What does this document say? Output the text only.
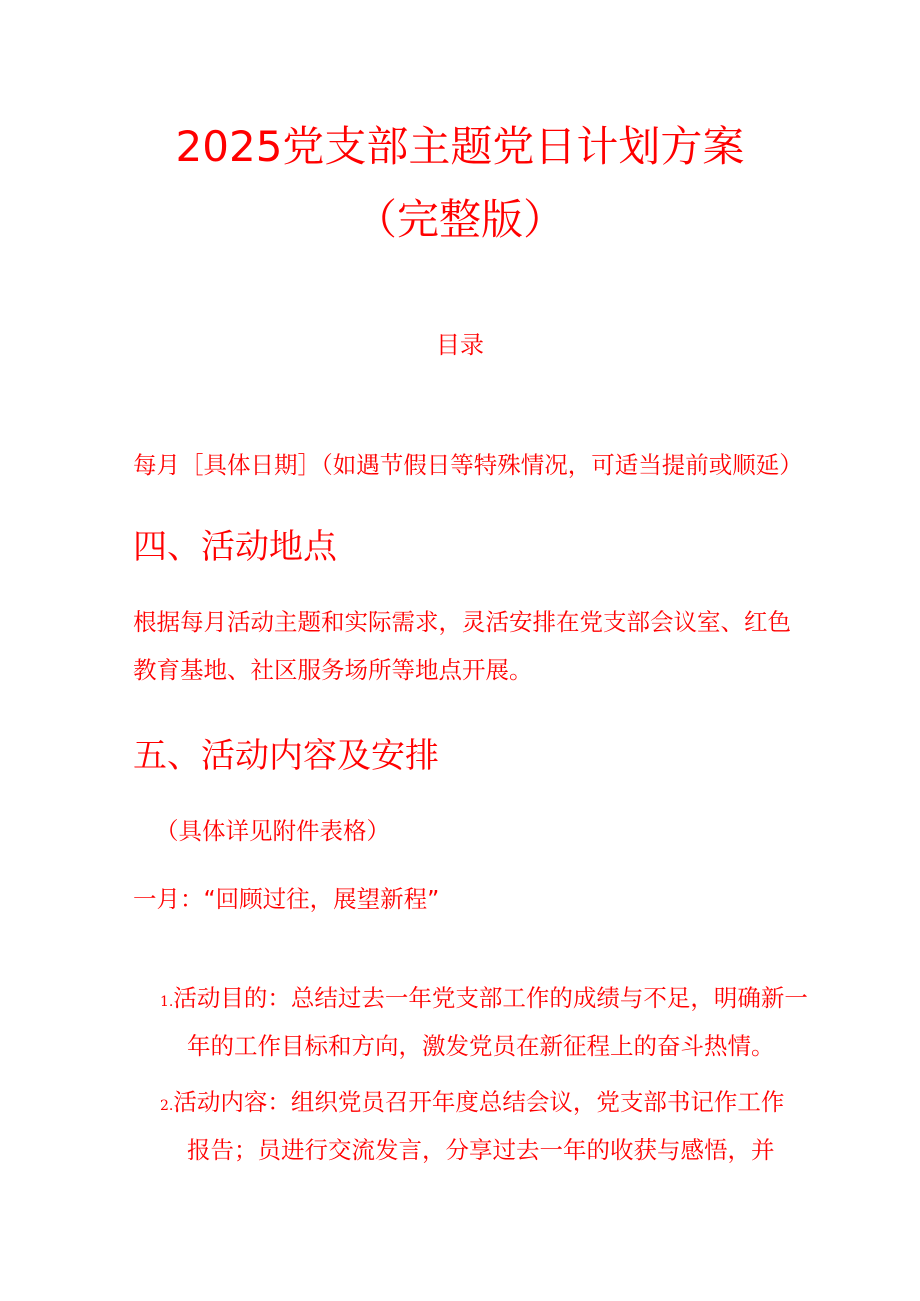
2025党支部主题党日计划方案
（完整版）
目录
每月［具体日期］（如遇节假日等特殊情况，可适当提前或顺延）
四、活动地点
根据每月活动主题和实际需求，灵活安排在党支部会议室、红色
教育基地、社区服务场所等地点开展。
五、活动内容及安排
（具体详见附件表格）
一月：“回顾过往，展望新程”
1.活动目的：总结过去一年党支部工作的成绩与不足，明确新一
年的工作目标和方向，激发党员在新征程上的奋斗热情。
2.活动内容：组织党员召开年度总结会议，党支部书记作工作
报告；员进行交流发言，分享过去一年的收获与感悟，并
